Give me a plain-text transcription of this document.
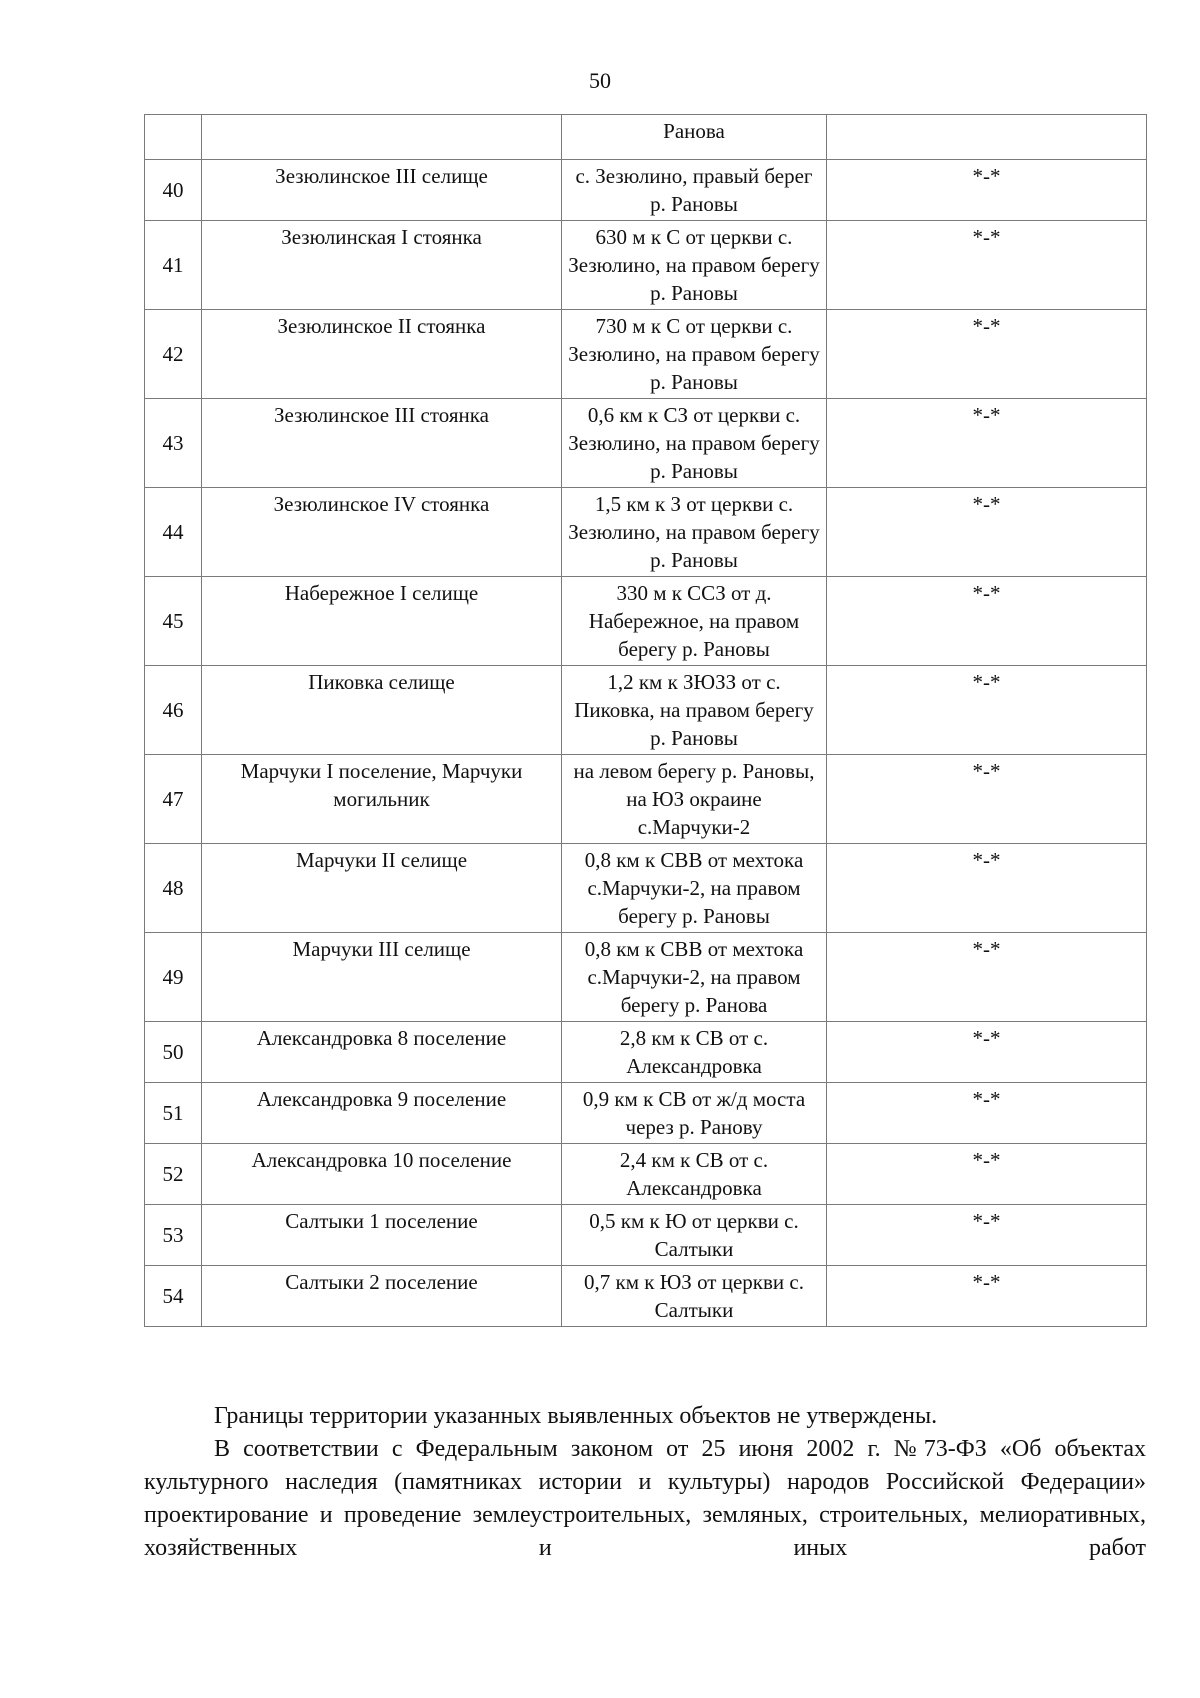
50
		Ранова	
40	Зезюлинское III селище	с. Зезюлино, правый берег р. Рановы	*-*
41	Зезюлинская I стоянка	630 м к С от церкви с. Зезюлино, на правом берегу р. Рановы	*-*
42	Зезюлинское II стоянка	730 м к С от церкви с. Зезюлино, на правом берегу р. Рановы	*-*
43	Зезюлинское III стоянка	0,6 км к СЗ от церкви с. Зезюлино, на правом берегу р. Рановы	*-*
44	Зезюлинское IV стоянка	1,5 км к З от церкви с. Зезюлино, на правом берегу р. Рановы	*-*
45	Набережное I селище	330 м к ССЗ от д. Набережное, на правом берегу р. Рановы	*-*
46	Пиковка селище	1,2 км к ЗЮЗЗ от с. Пиковка, на правом берегу р. Рановы	*-*
47	Марчуки I поселение, Марчуки могильник	на левом берегу р. Рановы, на ЮЗ окраине с.Марчуки-2	*-*
48	Марчуки II селище	0,8 км к СВВ от мехтока с.Марчуки-2, на правом берегу р. Рановы	*-*
49	Марчуки III селище	0,8 км к СВВ от мехтока с.Марчуки-2, на правом берегу р. Ранова	*-*
50	Александровка 8 поселение	2,8 км к СВ от с. Александровка	*-*
51	Александровка 9 поселение	0,9 км к СВ от ж/д моста через р. Ранову	*-*
52	Александровка 10 поселение	2,4 км к СВ от с. Александровка	*-*
53	Салтыки 1 поселение	0,5 км к Ю от церкви с. Салтыки	*-*
54	Салтыки 2 поселение	0,7 км к ЮЗ от церкви с. Салтыки	*-*

Границы территории указанных выявленных объектов не утверждены.

В соответствии с Федеральным законом от 25 июня 2002 г. №73-ФЗ «Об объектах культурного наследия (памятниках истории и культуры) народов Российской Федерации» проектирование и проведение землеустроительных, земляных, строительных, мелиоративных, хозяйственных и иных работ
